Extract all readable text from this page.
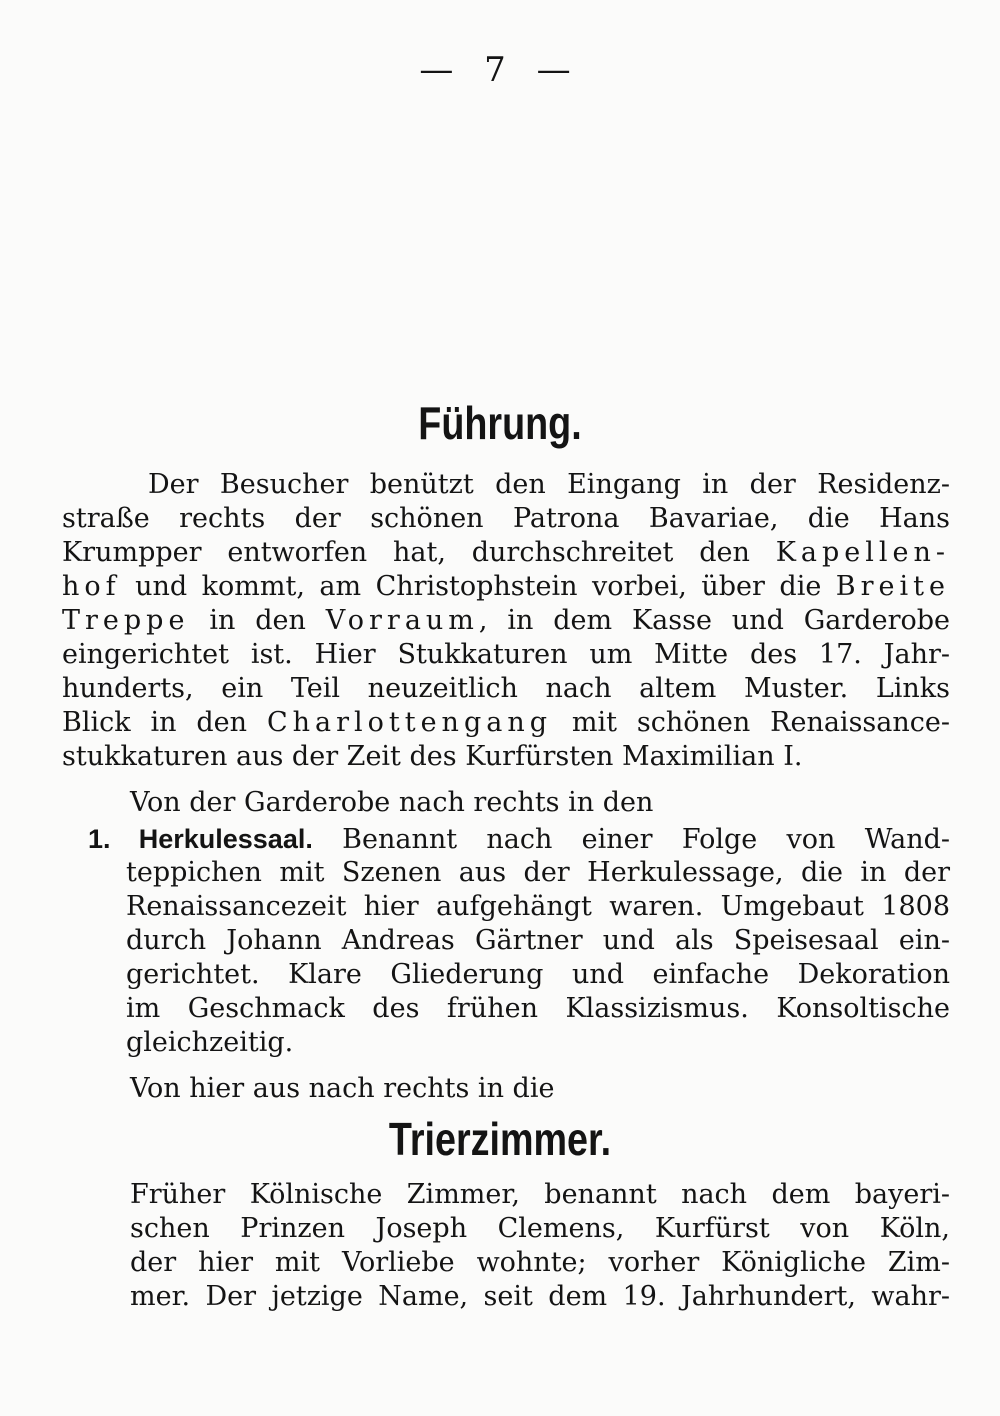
— 7 —
Führung.
Der Besucher benützt den Eingang in der Residenz-
straße rechts der schönen Patrona Bavariae, die Hans
Krumpper entworfen hat, durchschreitet den Kapellen-
hof und kommt, am Christophstein vorbei, über die Breite
Treppe in den Vorraum, in dem Kasse und Garderobe
eingerichtet ist. Hier Stukkaturen um Mitte des 17. Jahr-
hunderts, ein Teil neuzeitlich nach altem Muster. Links
Blick in den Charlottengang mit schönen Renaissance-
stukkaturen aus der Zeit des Kurfürsten Maximilian I.
Von der Garderobe nach rechts in den
1. Herkulessaal. Benannt nach einer Folge von Wand-
teppichen mit Szenen aus der Herkulessage, die in der
Renaissancezeit hier aufgehängt waren. Umgebaut 1808
durch Johann Andreas Gärtner und als Speisesaal ein-
gerichtet. Klare Gliederung und einfache Dekoration
im Geschmack des frühen Klassizismus. Konsoltische
gleichzeitig.
Von hier aus nach rechts in die
Trierzimmer.
Früher Kölnische Zimmer, benannt nach dem bayeri-
schen Prinzen Joseph Clemens, Kurfürst von Köln,
der hier mit Vorliebe wohnte; vorher Königliche Zim-
mer. Der jetzige Name, seit dem 19. Jahrhundert, wahr-
